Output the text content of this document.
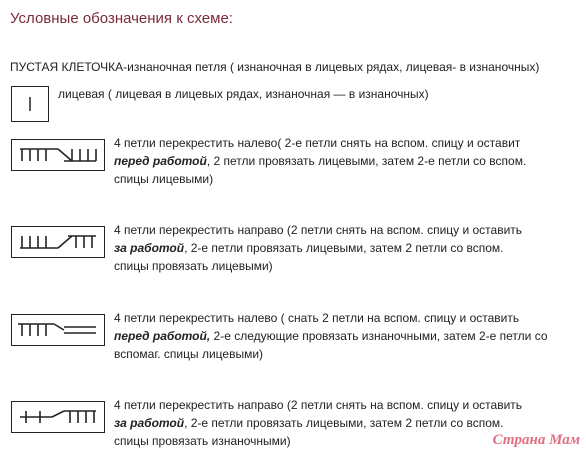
Условные обозначения к схеме:
ПУСТАЯ КЛЕТОЧКА-изнаночная петля ( изнаночная в лицевых рядах, лицевая- в изнаночных)
лицевая ( лицевая в лицевых рядах, изнаночная — в изнаночных)
4 петли перекрестить налево( 2-е петли снять на вспом. спицу и оставит перед работой, 2 петли провязать лицевыми, затем 2-е петли со вспом. спицы лицевыми)
4 петли перекрестить направо (2 петли снять на вспом. спицу и оставить за работой, 2-е петли провязать лицевыми, затем 2 петли со вспом. спицы провязать лицевыми)
4 петли перекрестить налево ( снать 2 петли на вспом. спицу и оставить перед работой, 2-е следующие провязать изнаночными, затем 2-е петли со вспомаг. спицы лицевыми)
4 петли перекрестить направо (2 петли снять на вспом. спицу и оставить за работой, 2-е петли провязать лицевыми, затем 2 петли со вспом. спицы провязать изнаночными)	Страна Мам
